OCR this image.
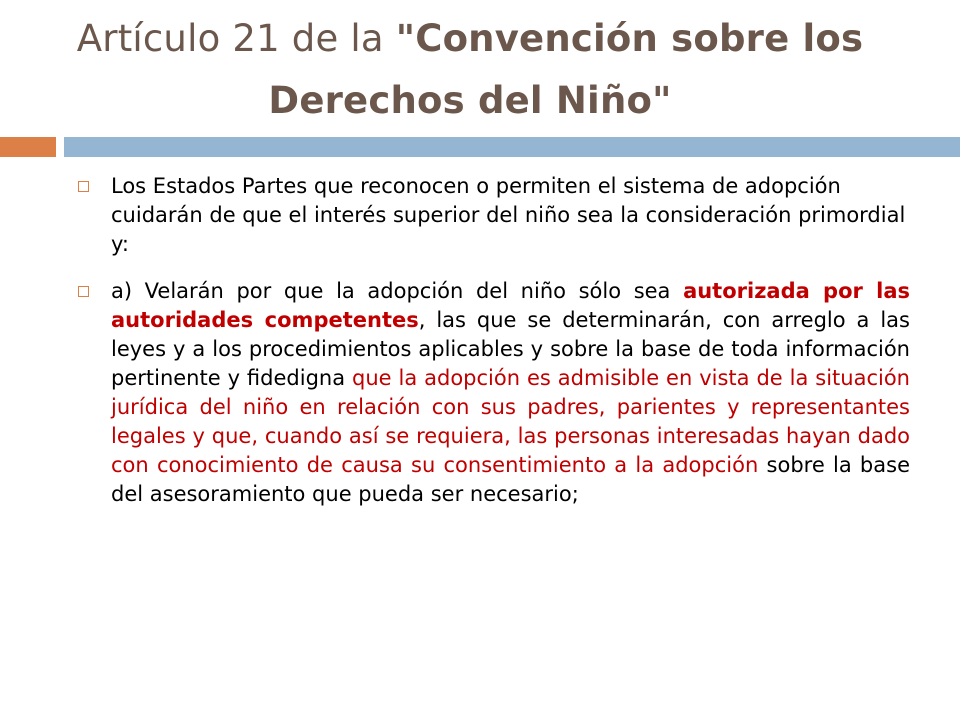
Artículo 21 de la "Convención sobre los Derechos del Niño"
Los Estados Partes que reconocen o permiten el sistema de adopción cuidarán de que el interés superior del niño sea la consideración primordial y:
a) Velarán por que la adopción del niño sólo sea autorizada por las autoridades competentes, las que se determinarán, con arreglo a las leyes y a los procedimientos aplicables y sobre la base de toda información pertinente y fidedigna que la adopción es admisible en vista de la situación jurídica del niño en relación con sus padres, parientes y representantes legales y que, cuando así se requiera, las personas interesadas hayan dado con conocimiento de causa su consentimiento a la adopción sobre la base del asesoramiento que pueda ser necesario;
